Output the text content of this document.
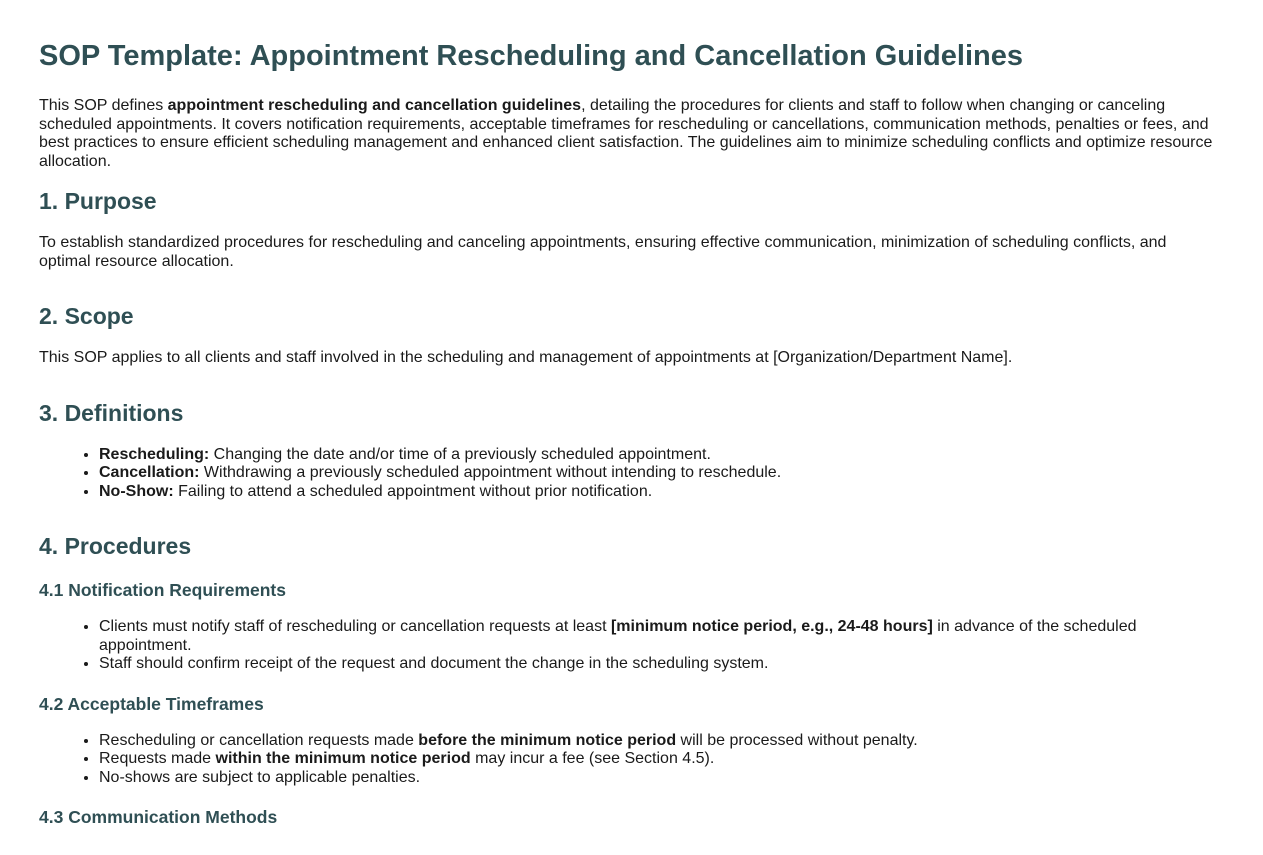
SOP Template: Appointment Rescheduling and Cancellation Guidelines

This SOP defines appointment rescheduling and cancellation guidelines, detailing the procedures for clients and staff to follow when changing or canceling scheduled appointments. It covers notification requirements, acceptable timeframes for rescheduling or cancellations, communication methods, penalties or fees, and best practices to ensure efficient scheduling management and enhanced client satisfaction. The guidelines aim to minimize scheduling conflicts and optimize resource allocation.

1. Purpose

To establish standardized procedures for rescheduling and canceling appointments, ensuring effective communication, minimization of scheduling conflicts, and optimal resource allocation.

2. Scope

This SOP applies to all clients and staff involved in the scheduling and management of appointments at [Organization/Department Name].

3. Definitions
• Rescheduling: Changing the date and/or time of a previously scheduled appointment.
• Cancellation: Withdrawing a previously scheduled appointment without intending to reschedule.
• No-Show: Failing to attend a scheduled appointment without prior notification.
4. Procedures
4.1 Notification Requirements
• Clients must notify staff of rescheduling or cancellation requests at least [minimum notice period, e.g., 24-48 hours] in advance of the scheduled appointment.
• Staff should confirm receipt of the request and document the change in the scheduling system.
4.2 Acceptable Timeframes
• Rescheduling or cancellation requests made before the minimum notice period will be processed without penalty.
• Requests made within the minimum notice period may incur a fee (see Section 4.5).
• No-shows are subject to applicable penalties.
4.3 Communication Methods
